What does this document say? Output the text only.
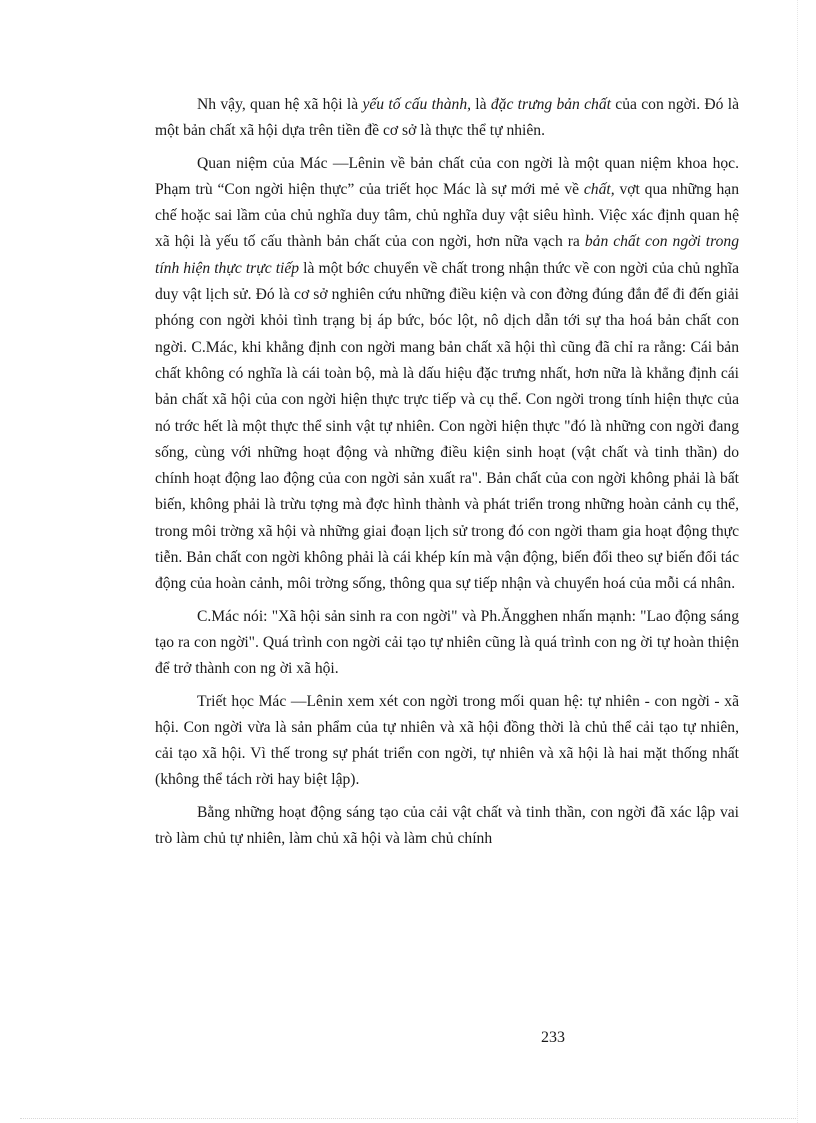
Nh vậy, quan hệ xã hội là yếu tố cấu thành, là đặc trưng bản chất của con ngời. Đó là một bản chất xã hội dựa trên tiền đề cơ sở là thực thể tự nhiên.

Quan niệm của Mác —Lênin về bản chất của con ngời là một quan niệm khoa học. Phạm trù “Con ngời hiện thực” của triết học Mác là sự mới mẻ về chất, vợt qua những hạn chế hoặc sai lầm của chủ nghĩa duy tâm, chủ nghĩa duy vật siêu hình. Việc xác định quan hệ xã hội là yếu tố cấu thành bản chất của con ngời, hơn nữa vạch ra bản chất con ngời trong tính hiện thực trực tiếp là một bớc chuyển về chất trong nhận thức về con ngời của chủ nghĩa duy vật lịch sử. Đó là cơ sở nghiên cứu những điều kiện và con đờng đúng đắn để đi đến giải phóng con ngời khỏi tình trạng bị áp bức, bóc lột, nô dịch dẫn tới sự tha hoá bản chất con ngời. C.Mác, khi khẳng định con ngời mang bản chất xã hội thì cũng đã chỉ ra rằng: Cái bản chất không có nghĩa là cái toàn bộ, mà là dấu hiệu đặc trưng nhất, hơn nữa là khẳng định cái bản chất xã hội của con ngời hiện thực trực tiếp và cụ thể. Con ngời trong tính hiện thực của nó trớc hết là một thực thể sinh vật tự nhiên. Con ngời hiện thực "đó là những con ngời đang sống, cùng với những hoạt động và những điều kiện sinh hoạt (vật chất và tinh thần) do chính hoạt động lao động của con ngời sản xuất ra". Bản chất của con ngời không phải là bất biến, không phải là trừu tợng mà đợc hình thành và phát triển trong những hoàn cảnh cụ thể, trong môi trờng xã hội và những giai đoạn lịch sử trong đó con ngời tham gia hoạt động thực tiễn. Bản chất con ngời không phải là cái khép kín mà vận động, biến đổi theo sự biến đổi tác động của hoàn cảnh, môi trờng sống, thông qua sự tiếp nhận và chuyển hoá của mỗi cá nhân.

C.Mác nói: "Xã hội sản sinh ra con ngời" và Ph.Ăngghen nhấn mạnh: "Lao động sáng tạo ra con ngời". Quá trình con ngời cải tạo tự nhiên cũng là quá trình con ng ời tự hoàn thiện để trở thành con ng ời xã hội.

Triết học Mác —Lênin xem xét con ngời trong mối quan hệ: tự nhiên - con ngời - xã hội. Con ngời vừa là sản phẩm của tự nhiên và xã hội đồng thời là chủ thể cải tạo tự nhiên, cải tạo xã hội. Vì thế trong sự phát triển con ngời, tự nhiên và xã hội là hai mặt thống nhất (không thể tách rời hay biệt lập).

Bằng những hoạt động sáng tạo của cải vật chất và tinh thần, con ngời đã xác lập vai trò làm chủ tự nhiên, làm chủ xã hội và làm chủ chính

233
